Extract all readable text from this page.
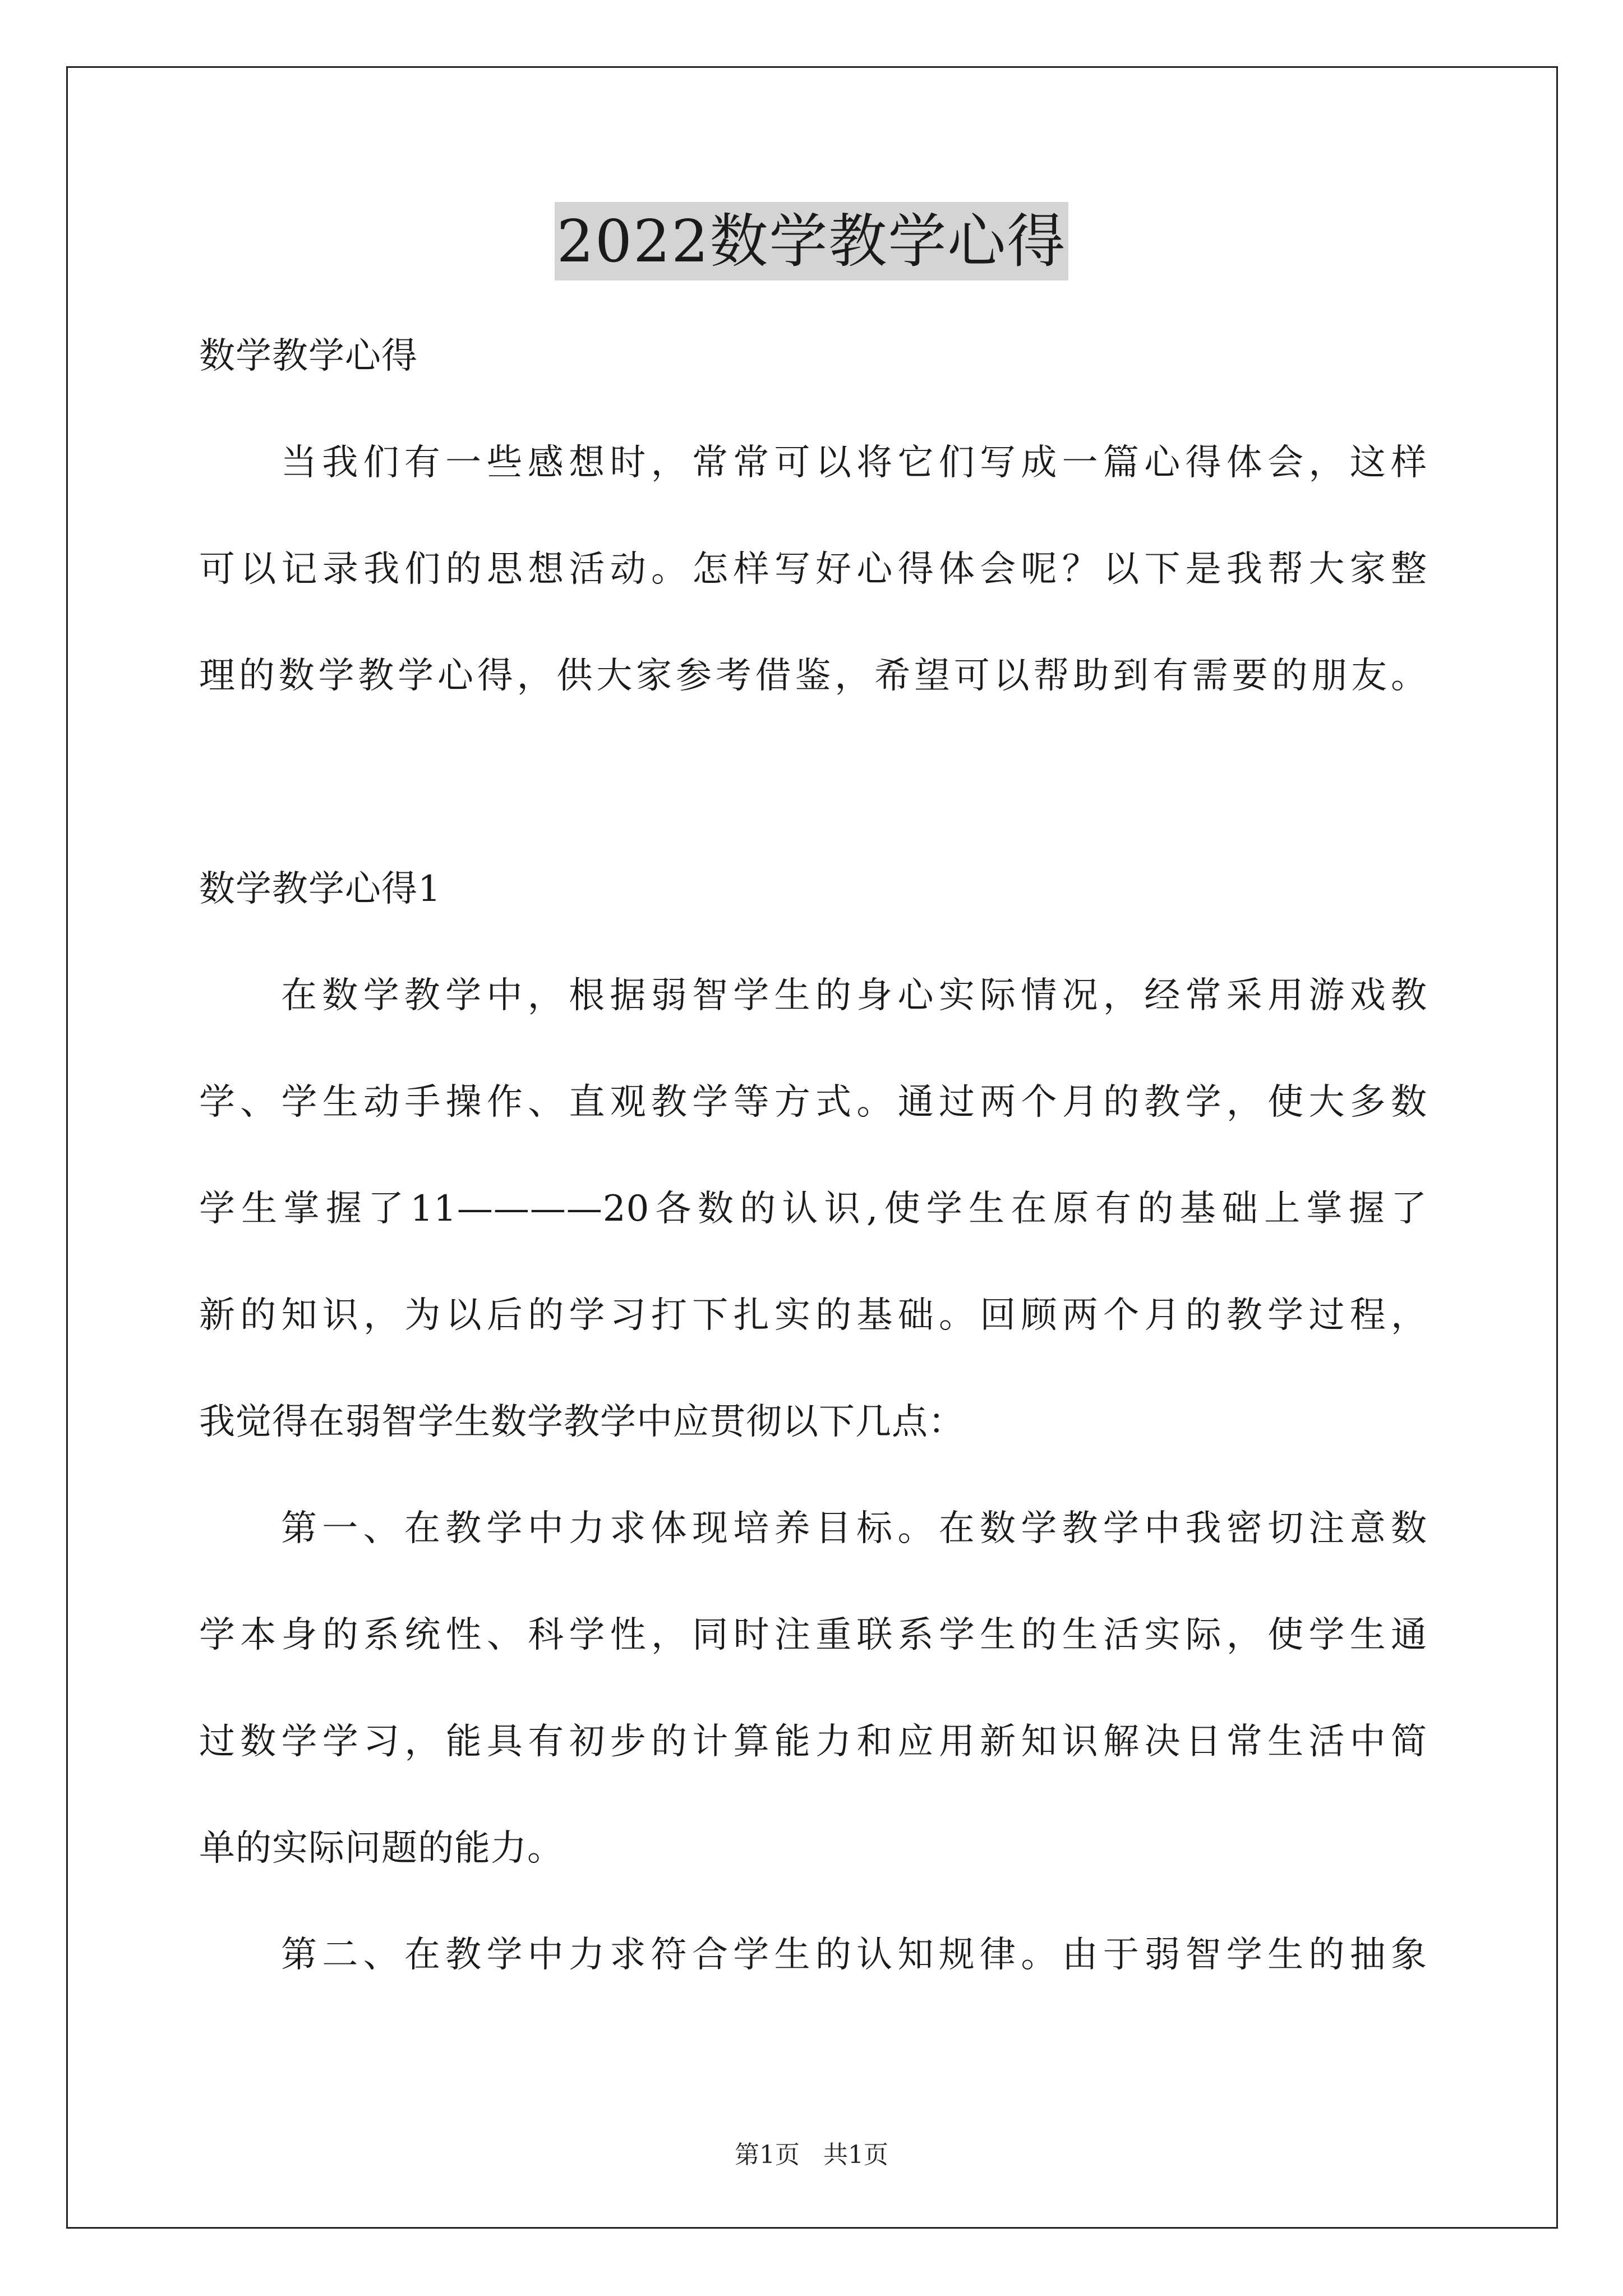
2022数学教学心得
数学教学心得
当我们有一些感想时，常常可以将它们写成一篇心得体会，这样
可以记录我们的思想活动。怎样写好心得体会呢？以下是我帮大家整
理的数学教学心得，供大家参考借鉴，希望可以帮助到有需要的朋友。
数学教学心得1
在数学教学中，根据弱智学生的身心实际情况，经常采用游戏教
学、学生动手操作、直观教学等方式。通过两个月的教学，使大多数
学生掌握了11————20各数的认识,使学生在原有的基础上掌握了
新的知识，为以后的学习打下扎实的基础。回顾两个月的教学过程，
我觉得在弱智学生数学教学中应贯彻以下几点：
第一、在教学中力求体现培养目标。在数学教学中我密切注意数
学本身的系统性、科学性，同时注重联系学生的生活实际，使学生通
过数学学习，能具有初步的计算能力和应用新知识解决日常生活中简
单的实际问题的能力。
第二、在教学中力求符合学生的认知规律。由于弱智学生的抽象
第1页 共1页
